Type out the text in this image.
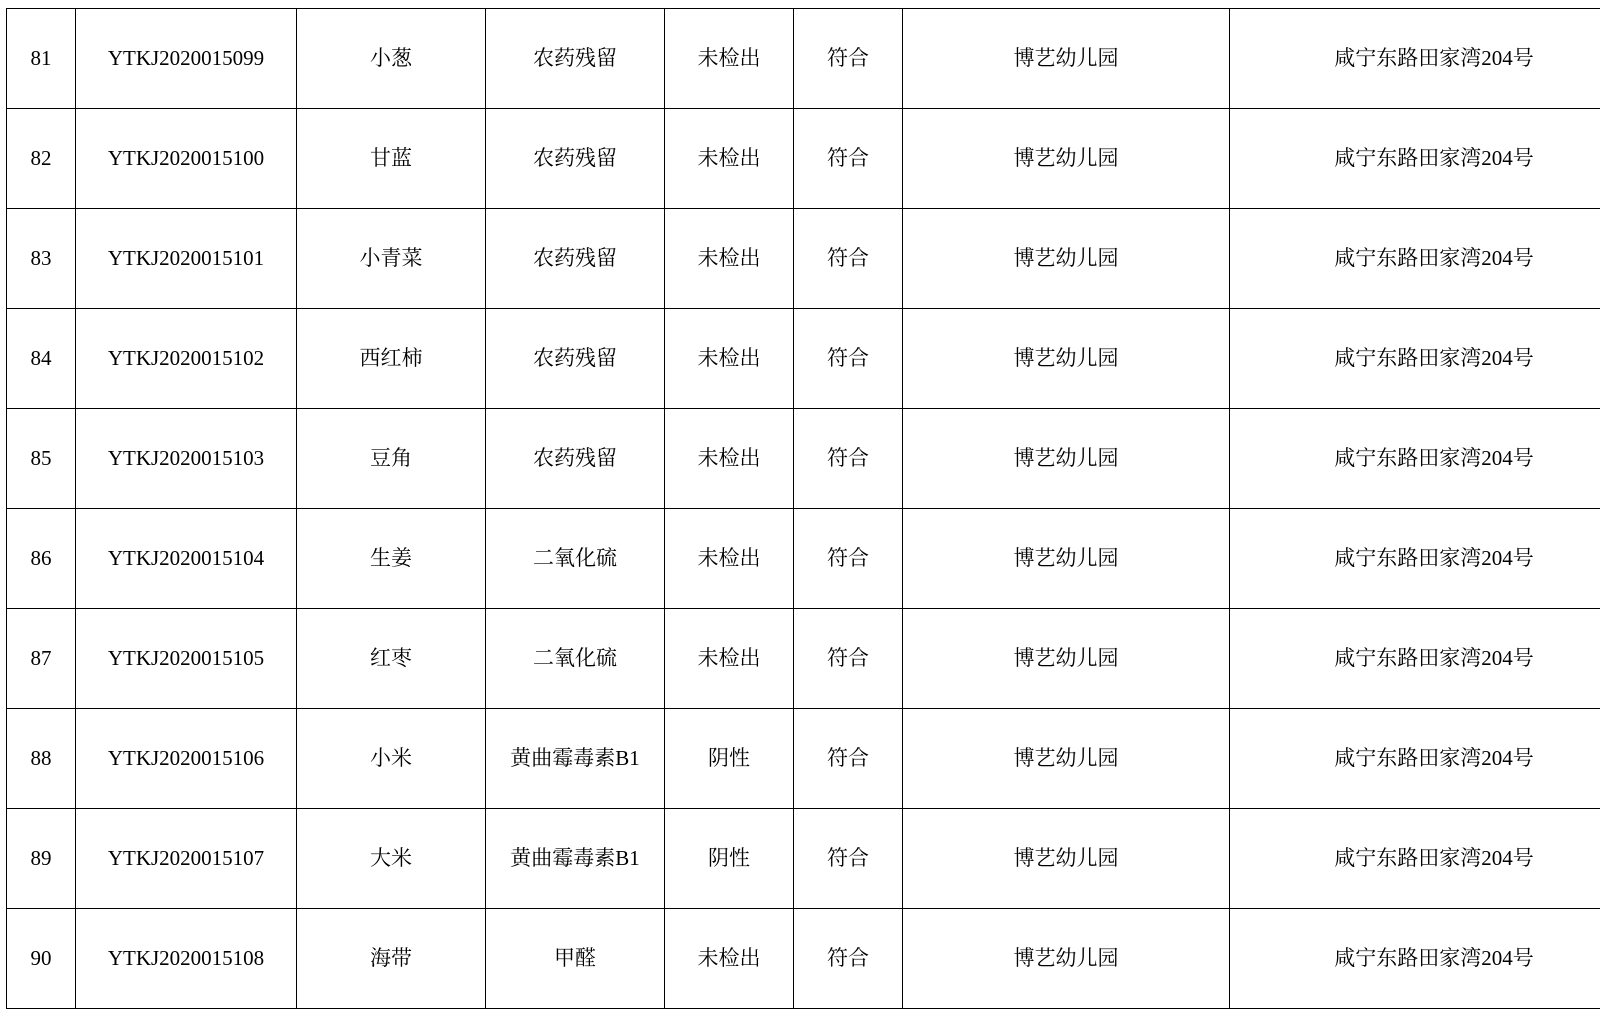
81	YTKJ2020015099	小葱	农药残留	未检出	符合	博艺幼儿园	咸宁东路田家湾204号	
82	YTKJ2020015100	甘蓝	农药残留	未检出	符合	博艺幼儿园	咸宁东路田家湾204号	
83	YTKJ2020015101	小青菜	农药残留	未检出	符合	博艺幼儿园	咸宁东路田家湾204号	
84	YTKJ2020015102	西红柿	农药残留	未检出	符合	博艺幼儿园	咸宁东路田家湾204号	
85	YTKJ2020015103	豆角	农药残留	未检出	符合	博艺幼儿园	咸宁东路田家湾204号	
86	YTKJ2020015104	生姜	二氧化硫	未检出	符合	博艺幼儿园	咸宁东路田家湾204号	
87	YTKJ2020015105	红枣	二氧化硫	未检出	符合	博艺幼儿园	咸宁东路田家湾204号	
88	YTKJ2020015106	小米	黄曲霉毒素B1	阴性	符合	博艺幼儿园	咸宁东路田家湾204号	
89	YTKJ2020015107	大米	黄曲霉毒素B1	阴性	符合	博艺幼儿园	咸宁东路田家湾204号	
90	YTKJ2020015108	海带	甲醛	未检出	符合	博艺幼儿园	咸宁东路田家湾204号	
